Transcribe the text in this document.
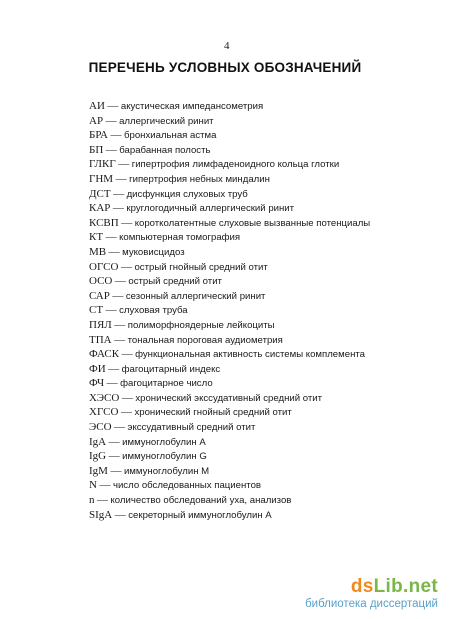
4
ПЕРЕЧЕНЬ УСЛОВНЫХ ОБОЗНАЧЕНИЙ
АИ — акустическая импедансометрия
АР — аллергический ринит
БРА — бронхиальная астма
БП — барабанная полость
ГЛКГ — гипертрофия лимфаденоидного кольца глотки
ГНМ — гипертрофия небных миндалин
ДСТ — дисфункция слуховых труб
КАР — круглогодичный аллергический ринит
КСВП — коротколатентные слуховые вызванные потенциалы
КТ — компьютерная томография
МВ — муковисцидоз
ОГСО — острый гнойный средний отит
ОСО — острый средний отит
САР — сезонный аллергический ринит
СТ — слуховая труба
ПЯЛ — полиморфноядерные лейкоциты
ТПА — тональная пороговая аудиометрия
ФАСК — функциональная активность системы комплемента
ФИ — фагоцитарный индекс
ФЧ — фагоцитарное число
ХЭСО — хронический экссудативный средний отит
ХГСО — хронический гнойный средний отит
ЭСО — экссудативный средний отит
IgA — иммуноглобулин А
IgG — иммуноглобулин G
IgM — иммуноглобулин М
N — число обследованных пациентов
n — количество обследований уха, анализов
SIgA — секреторный иммуноглобулин А
dsLib.net
библиотека диссертаций
